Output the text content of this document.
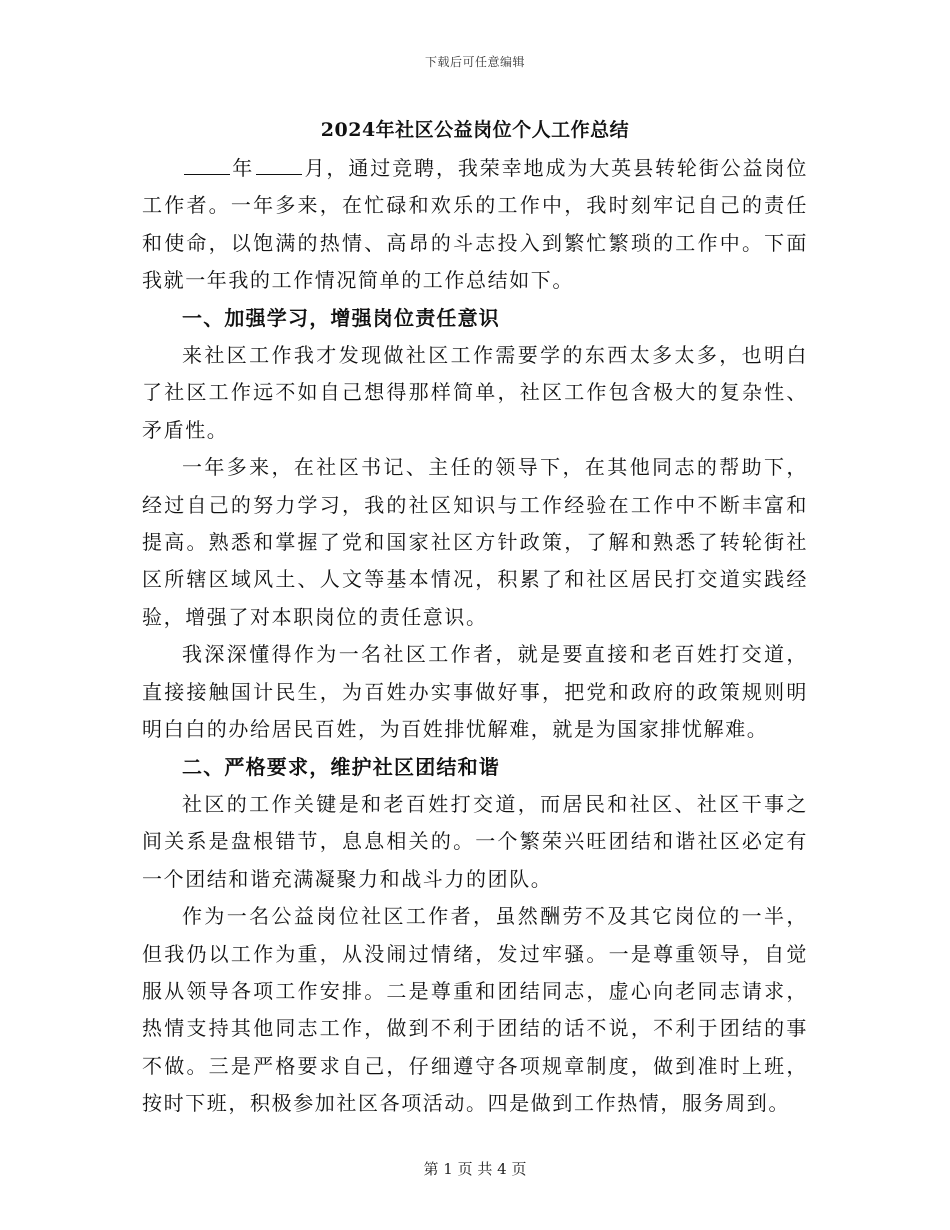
下载后可任意编辑
2024年社区公益岗位个人工作总结

年	月，通过竞聘，我荣幸地成为大英县转轮街公益岗位工作者。一年多来，在忙碌和欢乐的工作中，我时刻牢记自己的责任和使命，以饱满的热情、高昂的斗志投入到繁忙繁琐的工作中。下面我就一年我的工作情况简单的工作总结如下。

一、加强学习，增强岗位责任意识

来社区工作我才发现做社区工作需要学的东西太多太多，也明白了社区工作远不如自己想得那样简单，社区工作包含极大的复杂性、矛盾性。

一年多来，在社区书记、主任的领导下，在其他同志的帮助下，经过自己的努力学习，我的社区知识与工作经验在工作中不断丰富和提高。熟悉和掌握了党和国家社区方针政策，了解和熟悉了转轮街社区所辖区域风土、人文等基本情况，积累了和社区居民打交道实践经验，增强了对本职岗位的责任意识。

我深深懂得作为一名社区工作者，就是要直接和老百姓打交道，直接接触国计民生，为百姓办实事做好事，把党和政府的政策规则明明白白的办给居民百姓，为百姓排忧解难，就是为国家排忧解难。

二、严格要求，维护社区团结和谐

社区的工作关键是和老百姓打交道，而居民和社区、社区干事之间关系是盘根错节，息息相关的。一个繁荣兴旺团结和谐社区必定有一个团结和谐充满凝聚力和战斗力的团队。

作为一名公益岗位社区工作者，虽然酬劳不及其它岗位的一半，但我仍以工作为重，从没闹过情绪，发过牢骚。一是尊重领导，自觉服从领导各项工作安排。二是尊重和团结同志，虚心向老同志请求，热情支持其他同志工作，做到不利于团结的话不说，不利于团结的事不做。三是严格要求自己，仔细遵守各项规章制度，做到准时上班，按时下班，积极参加社区各项活动。四是做到工作热情，服务周到。

第 1 页 共 4 页
